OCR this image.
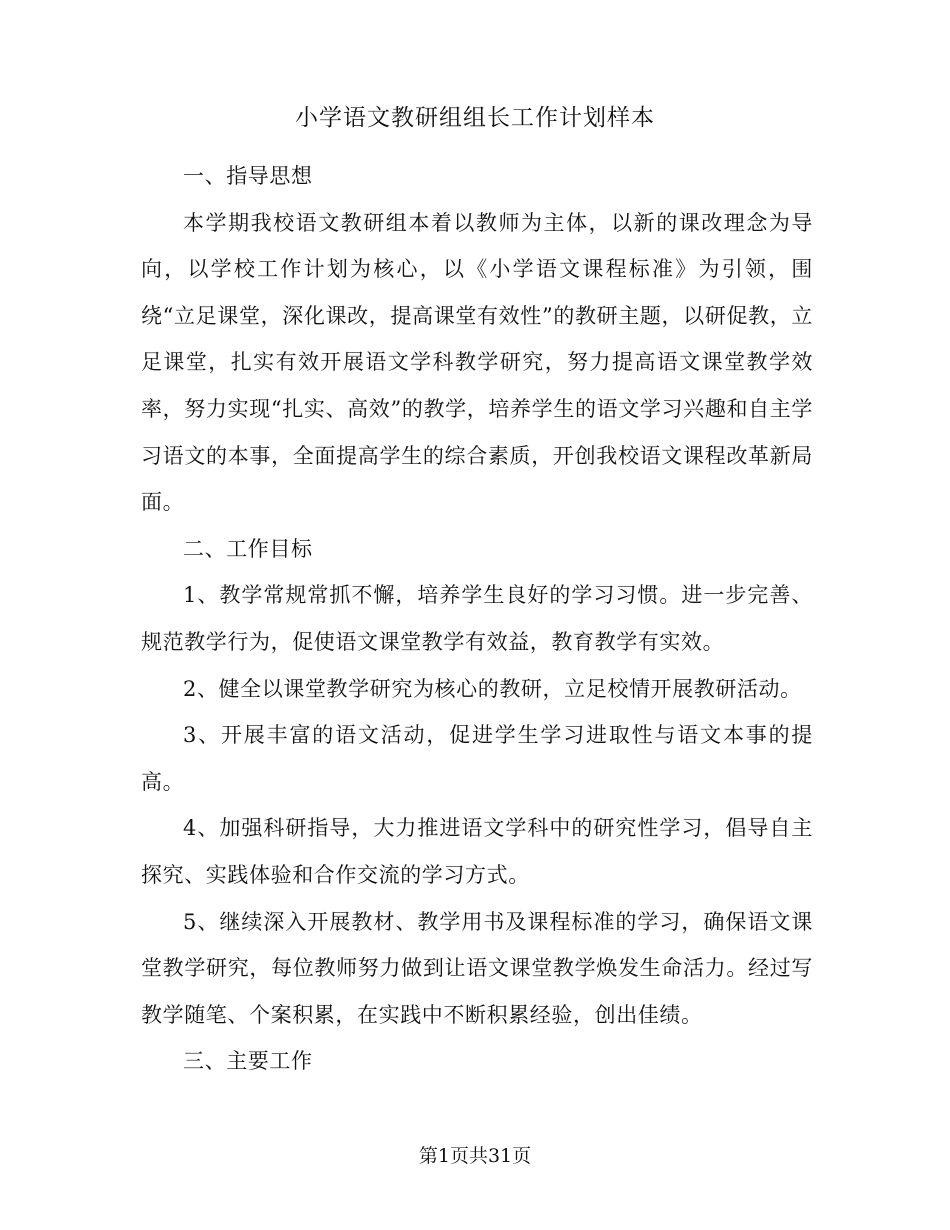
小学语文教研组组长工作计划样本

一、指导思想

本学期我校语文教研组本着以教师为主体，以新的课改理念为导向，以学校工作计划为核心，以《小学语文课程标准》为引领，围绕“立足课堂，深化课改，提高课堂有效性”的教研主题，以研促教，立足课堂，扎实有效开展语文学科教学研究，努力提高语文课堂教学效率，努力实现“扎实、高效”的教学，培养学生的语文学习兴趣和自主学习语文的本事，全面提高学生的综合素质，开创我校语文课程改革新局面。

二、工作目标

1、教学常规常抓不懈，培养学生良好的学习习惯。进一步完善、规范教学行为，促使语文课堂教学有效益，教育教学有实效。

2、健全以课堂教学研究为核心的教研，立足校情开展教研活动。

3、开展丰富的语文活动，促进学生学习进取性与语文本事的提高。

4、加强科研指导，大力推进语文学科中的研究性学习，倡导自主探究、实践体验和合作交流的学习方式。

5、继续深入开展教材、教学用书及课程标准的学习，确保语文课堂教学研究，每位教师努力做到让语文课堂教学焕发生命活力。经过写教学随笔、个案积累，在实践中不断积累经验，创出佳绩。

三、主要工作

第1页共31页
